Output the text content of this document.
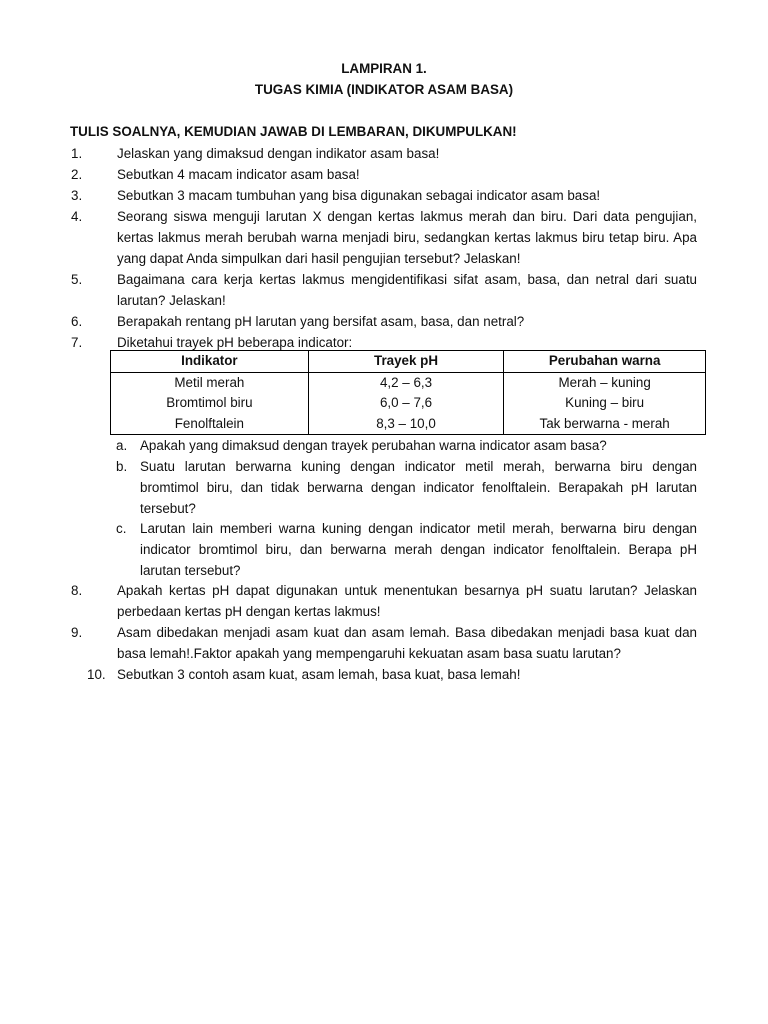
LAMPIRAN 1.
TUGAS KIMIA (INDIKATOR ASAM BASA)
TULIS SOALNYA, KEMUDIAN JAWAB DI LEMBARAN, DIKUMPULKAN!
1.	Jelaskan yang dimaksud dengan indikator asam basa!
2.	Sebutkan 4 macam indicator asam basa!
3.	Sebutkan 3 macam tumbuhan yang bisa digunakan sebagai indicator asam basa!
4.	Seorang siswa menguji larutan X dengan kertas lakmus merah dan biru. Dari data pengujian, kertas lakmus merah berubah warna menjadi biru, sedangkan kertas lakmus biru tetap biru. Apa yang dapat Anda simpulkan dari hasil pengujian tersebut? Jelaskan!
5.	Bagaimana cara kerja kertas lakmus mengidentifikasi sifat asam, basa, dan netral dari suatu larutan? Jelaskan!
6.	Berapakah rentang pH larutan yang bersifat asam, basa, dan netral?
7.	Diketahui trayek pH beberapa indicator:
Indikator	Trayek pH	Perubahan warna
Metil merah	4,2 – 6,3	Merah – kuning
Bromtimol biru	6,0 – 7,6	Kuning – biru
Fenolftalein	8,3 – 10,0	Tak berwarna - merah
a. Apakah yang dimaksud dengan trayek perubahan warna indicator asam basa?
b. Suatu larutan berwarna kuning dengan indicator metil merah, berwarna biru dengan bromtimol biru, dan tidak berwarna dengan indicator fenolftalein. Berapakah pH larutan tersebut?
c.	Larutan lain memberi warna kuning dengan indicator metil merah, berwarna biru dengan indicator bromtimol biru, dan berwarna merah dengan indicator fenolftalein. Berapa pH larutan tersebut?
8.	Apakah kertas pH dapat digunakan untuk menentukan besarnya pH suatu larutan? Jelaskan perbedaan kertas pH dengan kertas lakmus!
9.	Asam dibedakan menjadi asam kuat dan asam lemah. Basa dibedakan menjadi basa kuat dan basa lemah!.Faktor apakah yang mempengaruhi kekuatan asam basa suatu larutan?
10. Sebutkan 3 contoh asam kuat, asam lemah, basa kuat, basa lemah!
